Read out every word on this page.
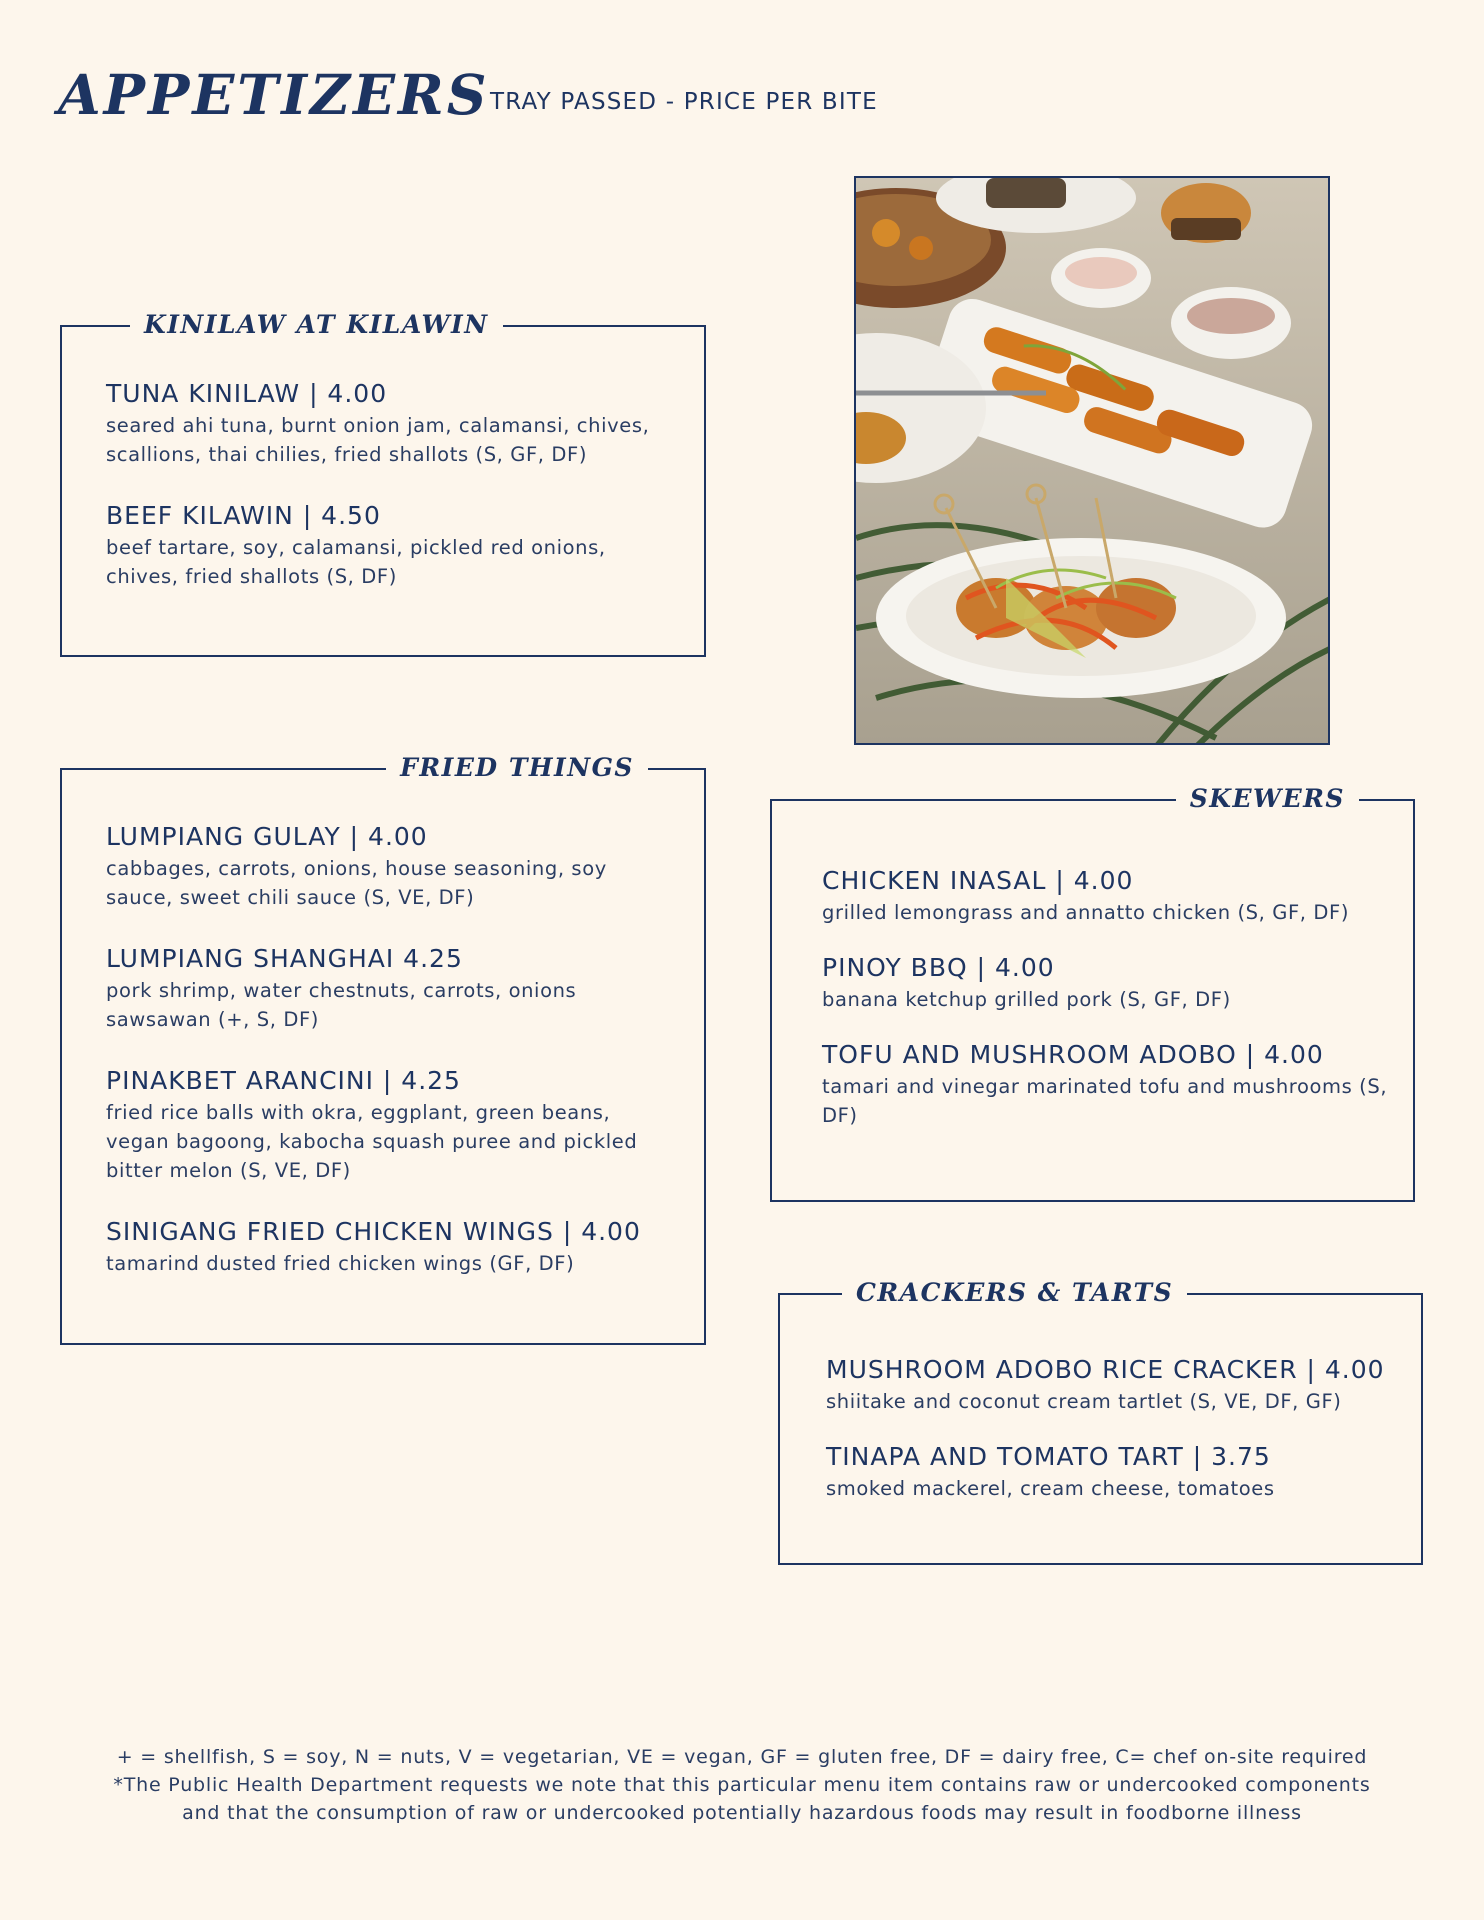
APPETIZERS TRAY PASSED - PRICE PER BITE
KINILAW AT KILAWIN
TUNA KINILAW | 4.00
seared ahi tuna, burnt onion jam, calamansi, chives, scallions, thai chilies, fried shallots (S, GF, DF)
BEEF KILAWIN | 4.50
beef tartare, soy, calamansi, pickled red onions, chives, fried shallots (S, DF)
FRIED THINGS
LUMPIANG GULAY | 4.00
cabbages, carrots, onions, house seasoning, soy sauce, sweet chili sauce (S, VE, DF)
LUMPIANG SHANGHAI 4.25
pork shrimp, water chestnuts, carrots, onions sawsawan (+, S, DF)
PINAKBET ARANCINI | 4.25
fried rice balls with okra, eggplant, green beans, vegan bagoong, kabocha squash puree and pickled bitter melon (S, VE, DF)
SINIGANG FRIED CHICKEN WINGS | 4.00
tamarind dusted fried chicken wings (GF, DF)
SKEWERS
CHICKEN INASAL | 4.00
grilled lemongrass and annatto chicken (S, GF, DF)
PINOY BBQ | 4.00
banana ketchup grilled pork (S, GF, DF)
TOFU AND MUSHROOM ADOBO | 4.00
tamari and vinegar marinated tofu and mushrooms (S, DF)
CRACKERS & TARTS
MUSHROOM ADOBO RICE CRACKER | 4.00
shiitake and coconut cream tartlet (S, VE, DF, GF)
TINAPA AND TOMATO TART | 3.75
smoked mackerel, cream cheese, tomatoes
+ = shellfish, S = soy, N = nuts, V = vegetarian, VE = vegan, GF = gluten free, DF = dairy free, C= chef on-site required
*The Public Health Department requests we note that this particular menu item contains raw or undercooked components and that the consumption of raw or undercooked potentially hazardous foods may result in foodborne illness
